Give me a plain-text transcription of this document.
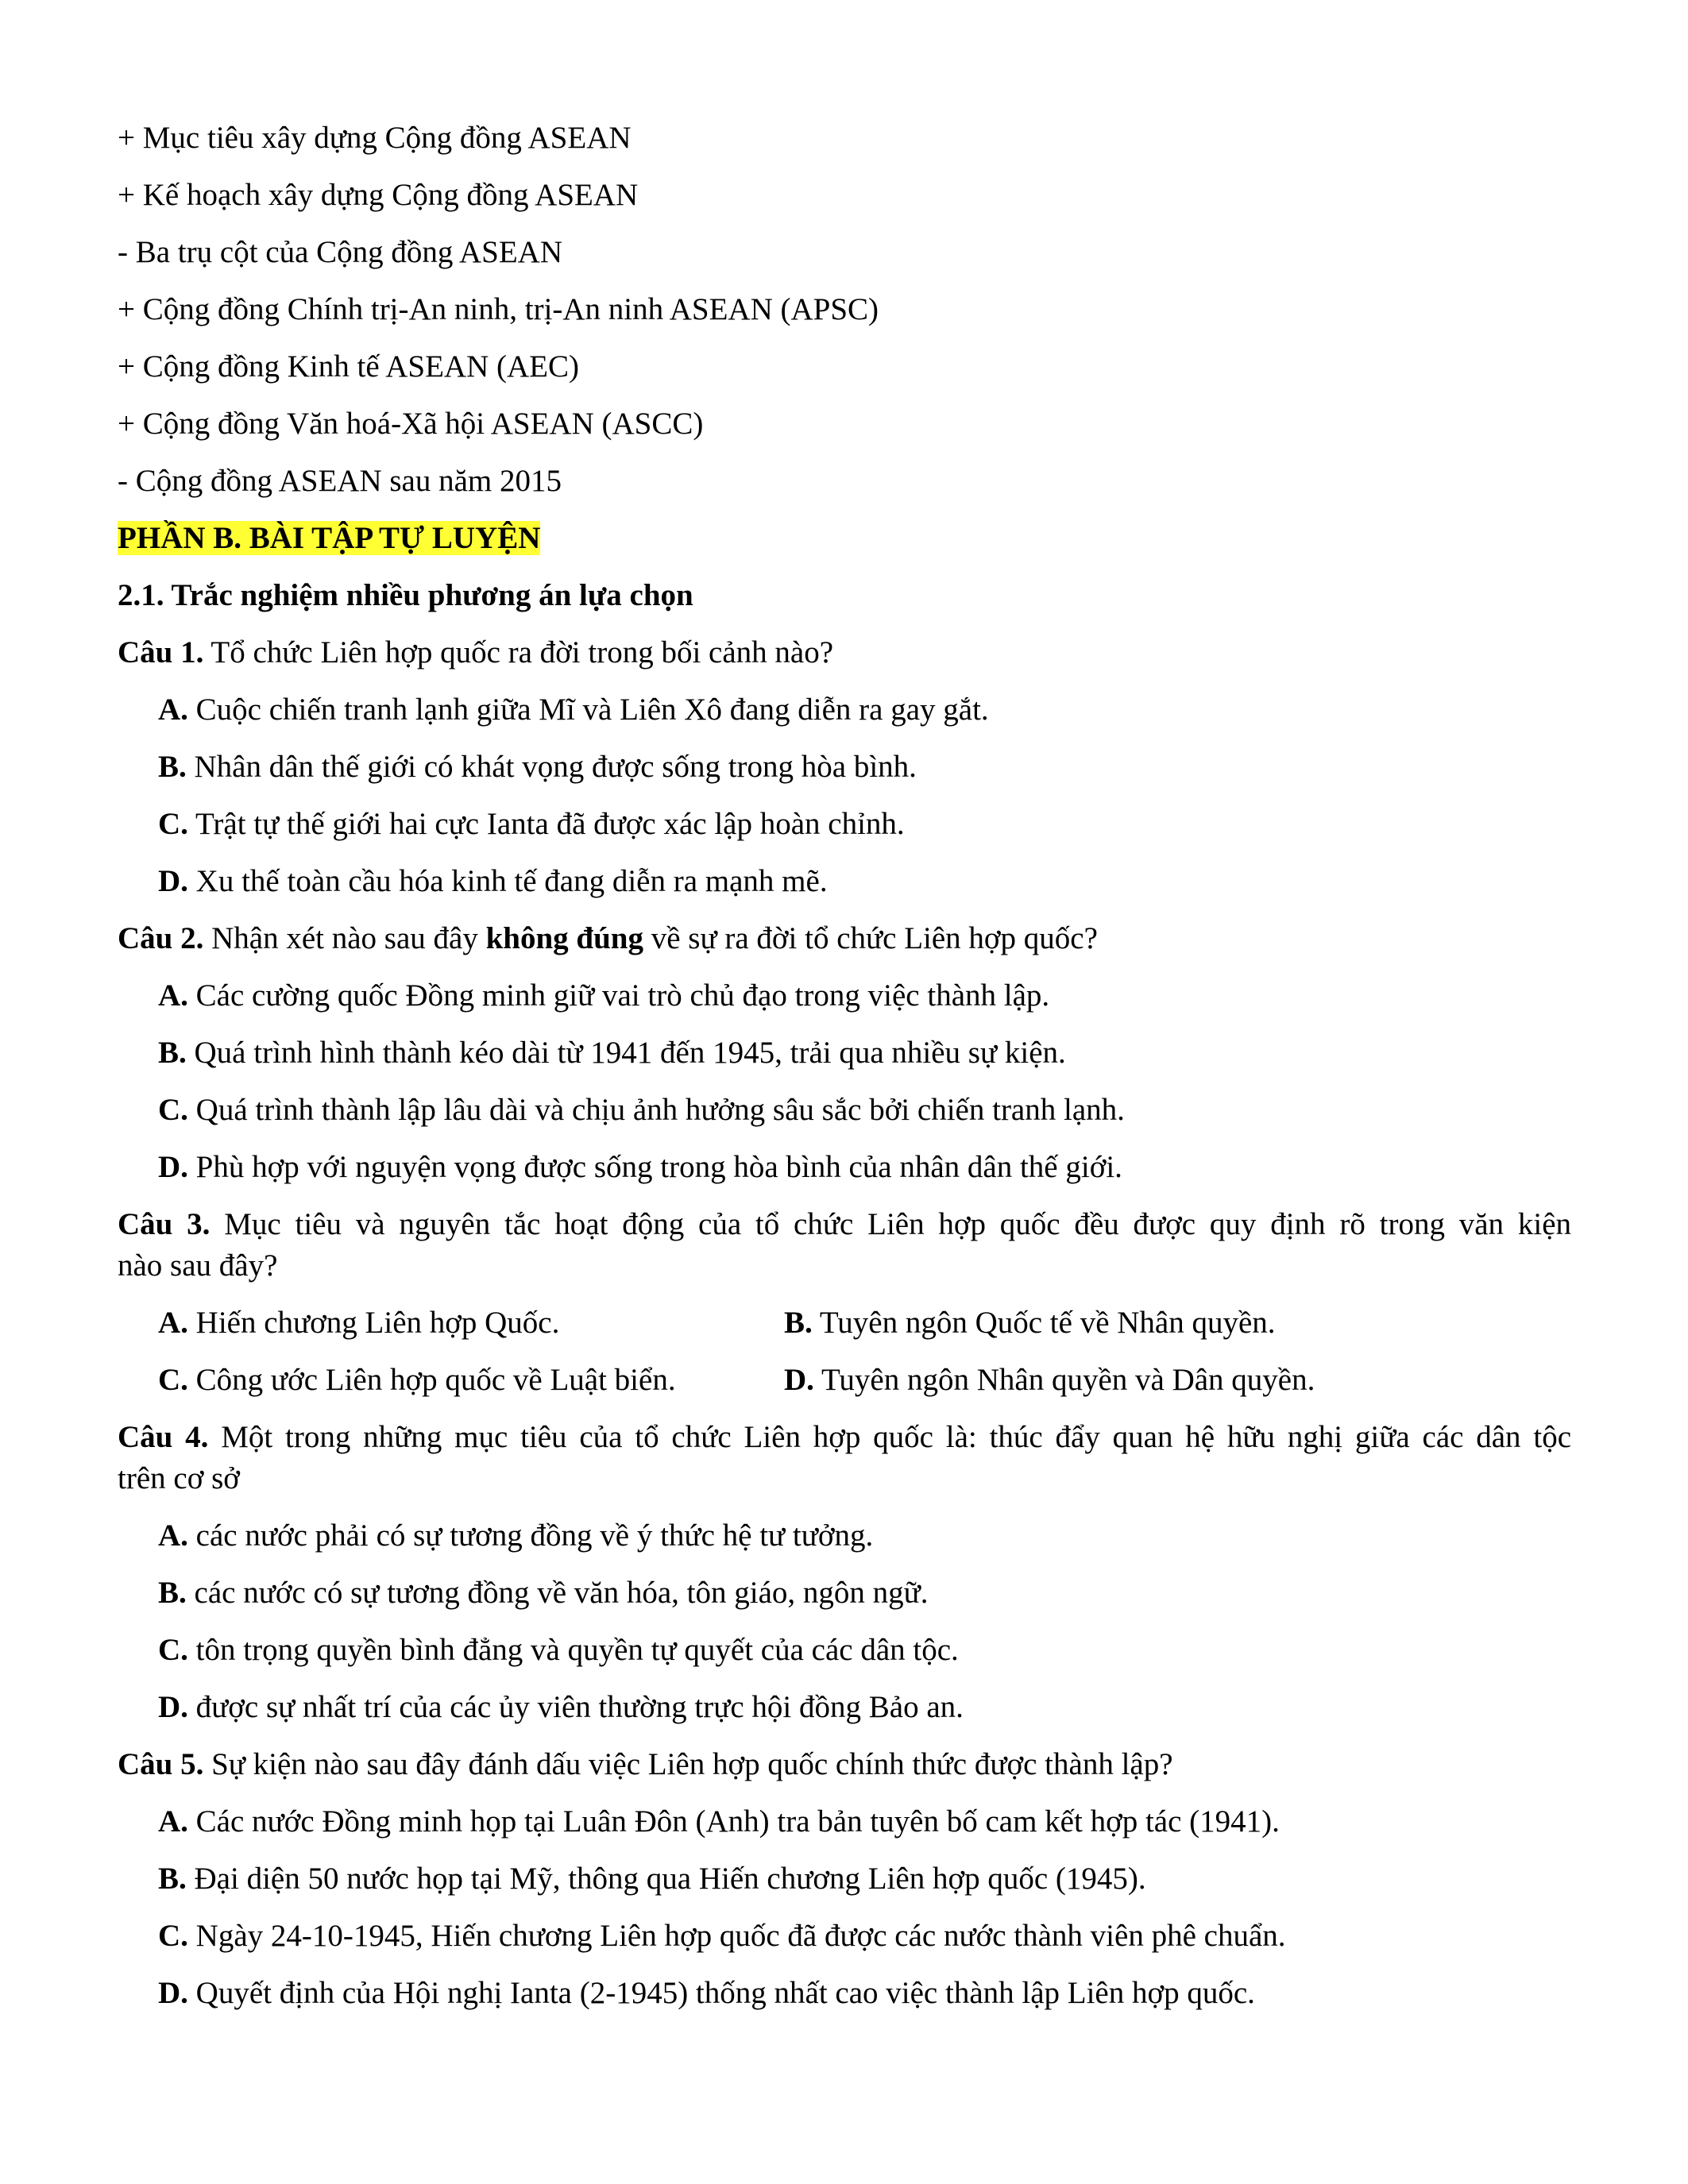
+ Mục tiêu xây dựng Cộng đồng ASEAN
+ Kế hoạch xây dựng Cộng đồng ASEAN
- Ba trụ cột của Cộng đồng ASEAN
+ Cộng đồng Chính trị-An ninh, trị-An ninh ASEAN (APSC)
+ Cộng đồng Kinh tế ASEAN (AEC)
+ Cộng đồng Văn hoá-Xã hội ASEAN (ASCC)
- Cộng đồng ASEAN sau năm 2015
PHẦN B. BÀI TẬP TỰ LUYỆN
2.1. Trắc nghiệm nhiều phương án lựa chọn
Câu 1. Tổ chức Liên hợp quốc ra đời trong bối cảnh nào?
A. Cuộc chiến tranh lạnh giữa Mĩ và Liên Xô đang diễn ra gay gắt.
B. Nhân dân thế giới có khát vọng được sống trong hòa bình.
C. Trật tự thế giới hai cực Ianta đã được xác lập hoàn chỉnh.
D. Xu thế toàn cầu hóa kinh tế đang diễn ra mạnh mẽ.
Câu 2. Nhận xét nào sau đây không đúng về sự ra đời tổ chức Liên hợp quốc?
A. Các cường quốc Đồng minh giữ vai trò chủ đạo trong việc thành lập.
B. Quá trình hình thành kéo dài từ 1941 đến 1945, trải qua nhiều sự kiện.
C. Quá trình thành lập lâu dài và chịu ảnh hưởng sâu sắc bởi chiến tranh lạnh.
D. Phù hợp với nguyện vọng được sống trong hòa bình của nhân dân thế giới.
Câu 3. Mục tiêu và nguyên tắc hoạt động của tổ chức Liên hợp quốc đều được quy định rõ trong văn kiện
nào sau đây?
A. Hiến chương Liên hợp Quốc.	B. Tuyên ngôn Quốc tế về Nhân quyền.
C. Công ước Liên hợp quốc về Luật biển.	D. Tuyên ngôn Nhân quyền và Dân quyền.
Câu 4. Một trong những mục tiêu của tổ chức Liên hợp quốc là: thúc đẩy quan hệ hữu nghị giữa các dân tộc
trên cơ sở
A. các nước phải có sự tương đồng về ý thức hệ tư tưởng.
B. các nước có sự tương đồng về văn hóa, tôn giáo, ngôn ngữ.
C. tôn trọng quyền bình đẳng và quyền tự quyết của các dân tộc.
D. được sự nhất trí của các ủy viên thường trực hội đồng Bảo an.
Câu 5. Sự kiện nào sau đây đánh dấu việc Liên hợp quốc chính thức được thành lập?
A. Các nước Đồng minh họp tại Luân Đôn (Anh) tra bản tuyên bố cam kết hợp tác (1941).
B. Đại diện 50 nước họp tại Mỹ, thông qua Hiến chương Liên hợp quốc (1945).
C. Ngày 24-10-1945, Hiến chương Liên hợp quốc đã được các nước thành viên phê chuẩn.
D. Quyết định của Hội nghị Ianta (2-1945) thống nhất cao việc thành lập Liên hợp quốc.
